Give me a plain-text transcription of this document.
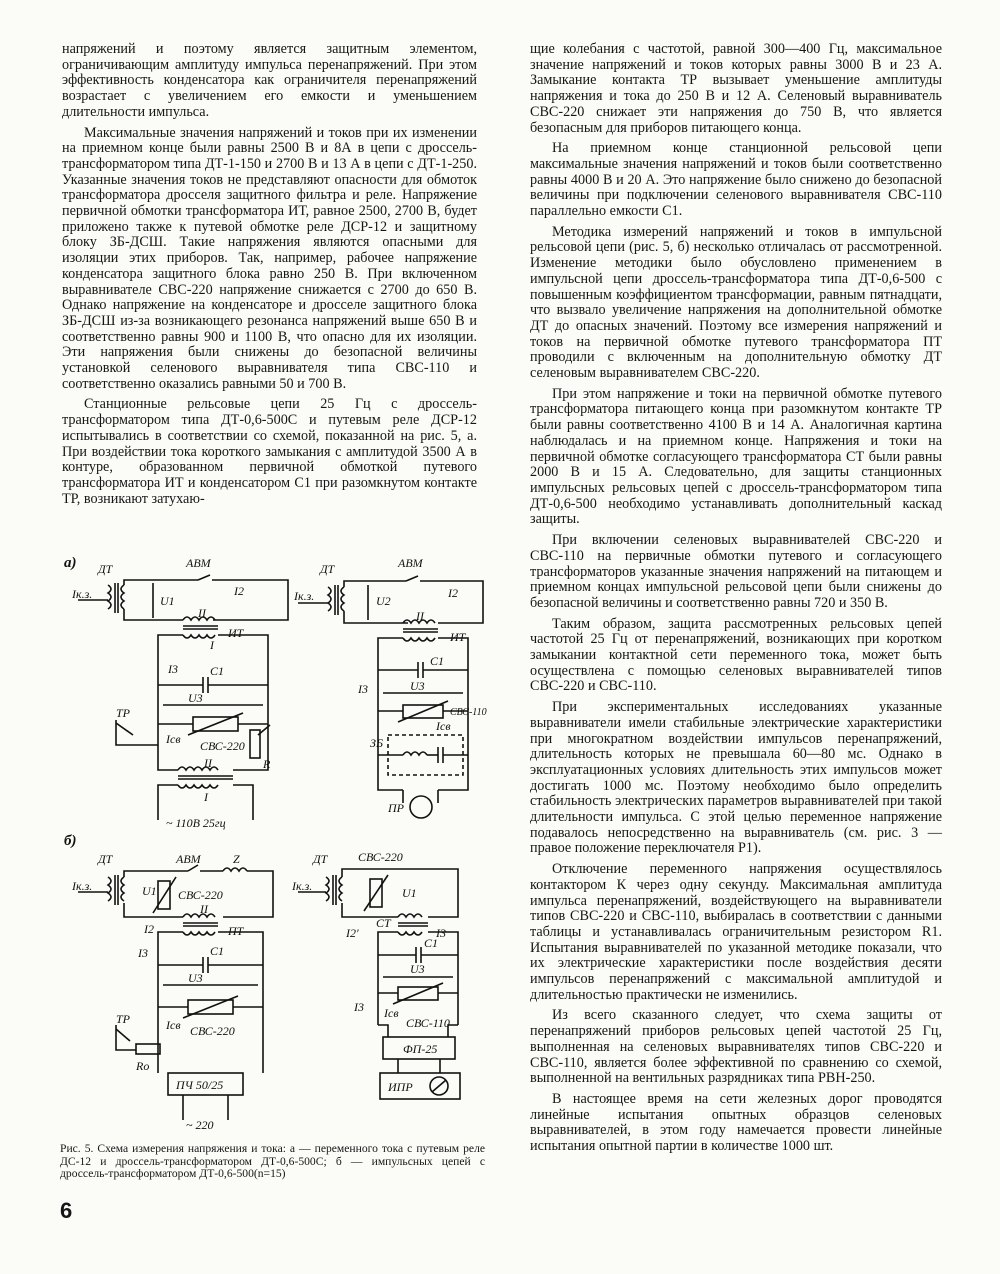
напряжений и поэтому является защитным элементом, ограничивающим амплитуду импульса перенапряжений. При этом эффективность конденсатора как ограничителя перенапряжений возрастает с увеличением его емкости и уменьшением длительности импульса.

Максимальные значения напряжений и токов при их изменении на приемном конце были равны 2500 В и 8А в цепи с дроссель-трансформатором типа ДТ-1-150 и 2700 В и 13 А в цепи с ДТ-1-250. Указанные значения токов не представляют опасности для обмоток трансформатора дросселя защитного фильтра и реле. Напряжение первичной обмотки трансформатора ИТ, равное 2500, 2700 В, будет приложено также к путевой обмотке реле ДСР-12 и защитному блоку ЗБ-ДСШ. Такие напряжения являются опасными для изоляции этих приборов. Так, например, рабочее напряжение конденсатора защитного блока равно 250 В. При включенном выравнивателе СВС-220 напряжение снижается с 2700 до 650 В. Однако напряжение на конденсаторе и дросселе защитного блока ЗБ-ДСШ из-за возникающего резонанса напряжений выше 650 В и соответственно равны 900 и 1100 В, что опасно для их изоляции. Эти напряжения были снижены до безопасной величины установкой селенового выравнивателя типа СВС-110 и соответственно оказались равными 50 и 700 В.

Станционные рельсовые цепи 25 Гц с дроссель-трансформатором типа ДТ-0,6-500С и путевым реле ДСР-12 испытывались в соответствии со схемой, показанной на рис. 5, а. При воздействии тока короткого замыкания с амплитудой 3500 А в контуре, образованном первичной обмоткой путевого трансформатора ИТ и конденсатором С1 при разомкнутом контакте ТР, возникают затухаю-

щие колебания с частотой, равной 300—400 Гц, максимальное значение напряжений и токов которых равны 3000 В и 23 А. Замыкание контакта ТР вызывает уменьшение амплитуды напряжения и тока до 250 В и 12 А. Селеновый выравниватель СВС-220 снижает эти напряжения до 750 В, что является безопасным для приборов питающего конца.

На приемном конце станционной рельсовой цепи максимальные значения напряжений и токов были соответственно равны 4000 В и 20 А. Это напряжение было снижено до безопасной величины при подключении селенового выравнивателя СВС-110 параллельно емкости С1.

Методика измерений напряжений и токов в импульсной рельсовой цепи (рис. 5, б) несколько отличалась от рассмотренной. Изменение методики было обусловлено применением в импульсной цепи дроссель-трансформатора типа ДТ-0,6-500 с повышенным коэффициентом трансформации, равным пятнадцати, что вызвало увеличение напряжения на дополнительной обмотке ДТ до опасных значений. Поэтому все измерения напряжений и токов на первичной обмотке путевого трансформатора ПТ проводили с включенным на дополнительную обмотку ДТ селеновым выравнивателем СВС-220.

При этом напряжение и токи на первичной обмотке путевого трансформатора питающего конца при разомкнутом контакте ТР были равны соответственно 4100 В и 14 А. Аналогичная картина наблюдалась и на приемном конце. Напряжения и токи на первичной обмотке согласующего трансформатора СТ были равны 2000 В и 15 А. Следовательно, для защиты станционных импульсных рельсовых цепей с дроссель-трансформатором типа ДТ-0,6-500 необходимо устанавливать дополнительный каскад защиты.

При включении селеновых выравнивателей СВС-220 и СВС-110 на первичные обмотки путевого и согласующего трансформаторов указанные значения напряжений на питающем и приемном концах импульсной рельсовой цепи были снижены до безопасной величины и соответственно равны 720 и 350 В.

Таким образом, защита рассмотренных рельсовых цепей частотой 25 Гц от перенапряжений, возникающих при коротком замыкании контактной сети переменного тока, может быть осуществлена с помощью селеновых выравнивателей типов СВС-220 и СВС-110.

При экспериментальных исследованиях указанные выравниватели имели стабильные электрические характеристики при многократном воздействии импульсов перенапряжений, длительность которых не превышала 60—80 мс. Однако в эксплуатационных условиях длительность этих импульсов может достигать 1000 мс. Поэтому необходимо было определить стабильность электрических параметров выравнивателей при такой длительности импульса. С этой целью переменное напряжение подавалось непосредственно на выравниватель (см. рис. 3 — правое положение переключателя Р1).

Отключение переменного напряжения осуществлялось контактором К через одну секунду. Максимальная амплитуда импульса перенапряжений, воздействующего на выравниватели типов СВС-220 и СВС-110, выбиралась в соответствии с данными таблицы и устанавливалась ограничительным резистором R1. Испытания выравнивателей по указанной методике показали, что их электрические характеристики после воздействия десяти импульсов перенапряжений с максимальной амплитудой и длительностью практически не изменились.

Из всего сказанного следует, что схема защиты от перенапряжений приборов рельсовых цепей частотой 25 Гц, выполненная на селеновых выравнивателях типов СВС-220 и СВС-110, является более эффективной по сравнению со схемой, выполненной на вентильных разрядниках типа РВН-250.

В настоящее время на сети железных дорог проводятся линейные испытания опытных образцов селеновых выравнивателей, в этом году намечается провести линейные испытания опытной партии в количестве 1000 шт.

а) ДТ	АВМ
Iк.з.	I2
U1
II
ИТ
I
I3	С1
U3
ТР
Iсв СВС-220
R
II
I
~ 110В 25гц
ДТ	АВМ
Iк.з.	I2
U2
II
ИТ
I3
С1
U3
СВС-110
Iсв
ЗБ
ПР
б)
ДТ	АВМ	Z
Iк.з.
СВС-220
U1
I2
II
ПТ
I3	С1
U3
СВС-220
ТР	Iсв
Rо
ПЧ 50/25
~ 220
ДТ	СВС-220
Iк.з.	U1
I2'
СТ
I3
С1
U3
I3 Iсв
СВС-110
ФП-25
ИПР

Рис. 5. Схема измерения напряжения и тока: а — переменного тока с путевым реле ДС-12 и дроссель-трансформатором ДТ-0,6-500С; б — импульсных цепей с дроссель-трансформатором ДТ-0,6-500(n=15)

6
